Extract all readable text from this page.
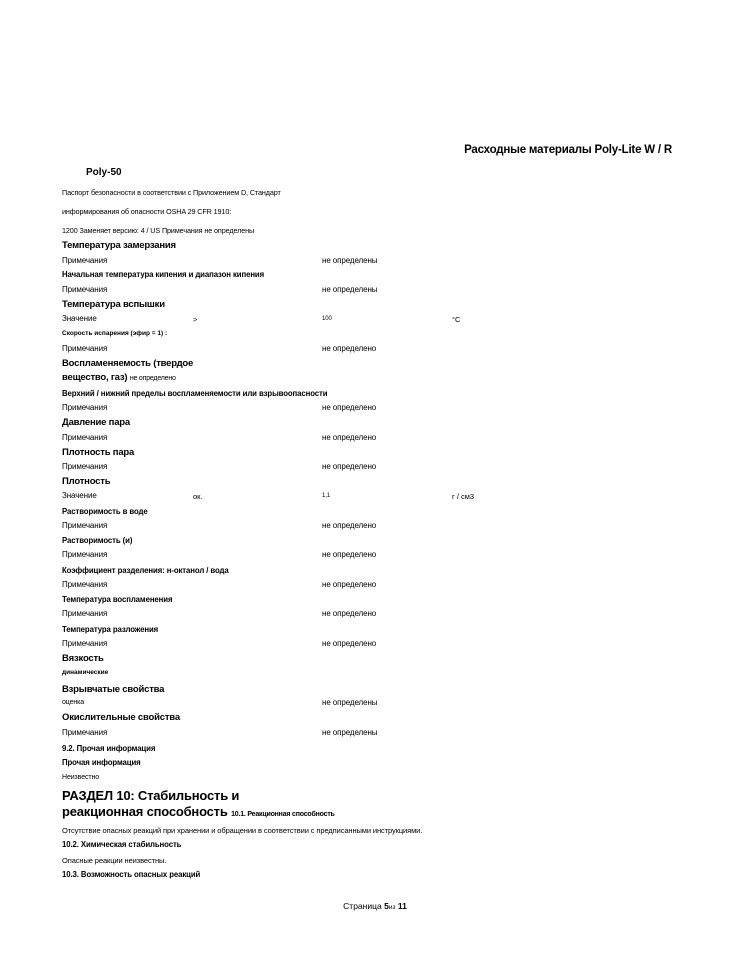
Расходные материалы Poly-Lite W / R
Poly-50
Паспорт безопасности в соответствии с Приложением D, Стандарт
информирования об опасности OSHA 29 CFR 1910:
1200 Заменяет версию: 4 / US Примечания не определены
Температура замерзания
Примечания	не определены
Начальная температура кипения и диапазон кипения
Примечания	не определены
Температура вспышки
Значение	>	100	°C
Скорость испарения (эфир = 1) :
Примечания	не определено
Воспламеняемость (твердое
вещество, газ) не определено
Верхний / нижний пределы воспламеняемости или взрывоопасности
Примечания	не определено
Давление пара
Примечания	не определено
Плотность пара
Примечания	не определено
Плотность
Значение	ок.	1,1	г / см3
Растворимость в воде
Примечания	не определено
Растворимость (и)
Примечания	не определено
Коэффициент разделения: н-октанол / вода
Примечания	не определено
Температура воспламенения
Примечания	не определено
Температура разложения
Примечания	не определено
Вязкость
динамические
Взрывчатые свойства
оценка	не определены
Окислительные свойства
Примечания	не определены
9.2. Прочая информация
Прочая информация
Неизвестно
РАЗДЕЛ 10: Стабильность и
реакционная способность 10.1. Реакционная способность
Отсутствие опасных реакций при хранении и обращении в соответствии с предписанными инструкциями.
10.2. Химическая стабильность
Опасные реакции неизвестны.
10.3. Возможность опасных реакций
Страница 5из 11
